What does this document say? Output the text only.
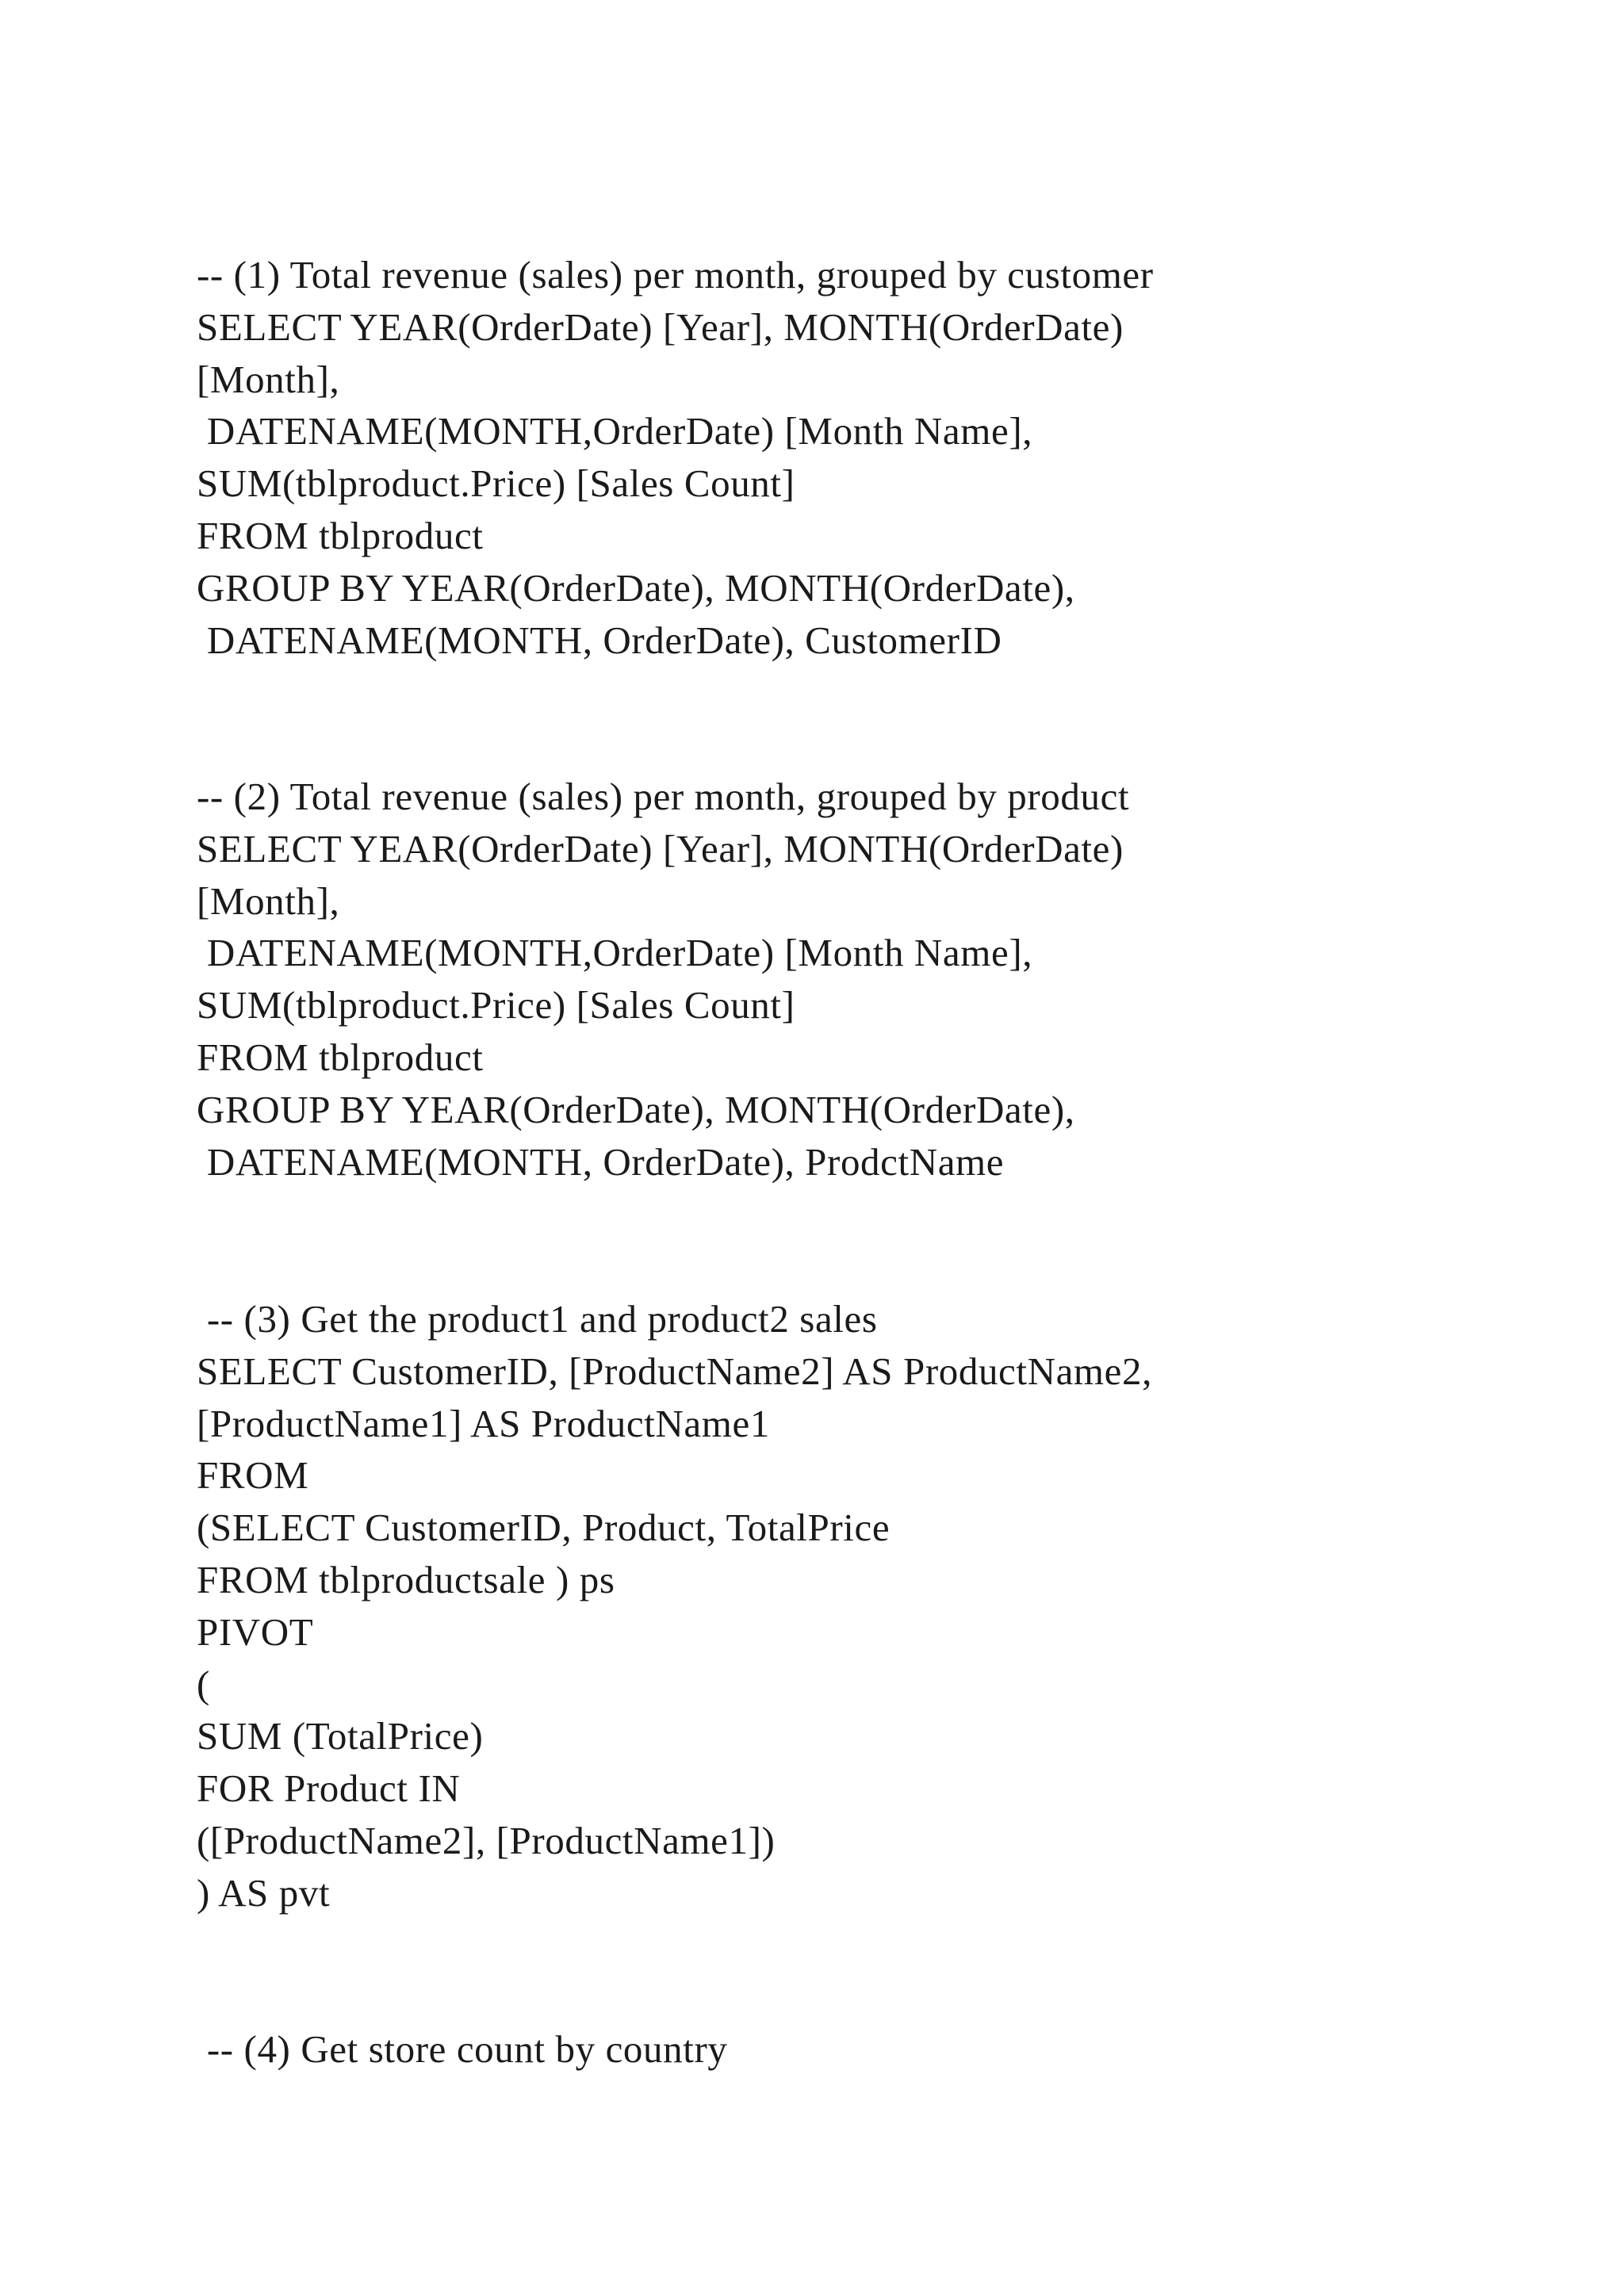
-- (1) Total revenue (sales) per month, grouped by customer
SELECT YEAR(OrderDate) [Year], MONTH(OrderDate)
[Month],
DATENAME(MONTH,OrderDate) [Month Name],
SUM(tblproduct.Price) [Sales Count]
FROM tblproduct
GROUP BY YEAR(OrderDate), MONTH(OrderDate),
DATENAME(MONTH, OrderDate), CustomerID
-- (2) Total revenue (sales) per month, grouped by product
SELECT YEAR(OrderDate) [Year], MONTH(OrderDate)
[Month],
DATENAME(MONTH,OrderDate) [Month Name],
SUM(tblproduct.Price) [Sales Count]
FROM tblproduct
GROUP BY YEAR(OrderDate), MONTH(OrderDate),
DATENAME(MONTH, OrderDate), ProdctName
-- (3) Get the product1 and product2 sales
SELECT CustomerID, [ProductName2] AS ProductName2,
[ProductName1] AS ProductName1
FROM
(SELECT CustomerID, Product, TotalPrice
FROM tblproductsale ) ps
PIVOT
(
SUM (TotalPrice)
FOR Product IN
([ProductName2], [ProductName1])
) AS pvt
-- (4) Get store count by country
